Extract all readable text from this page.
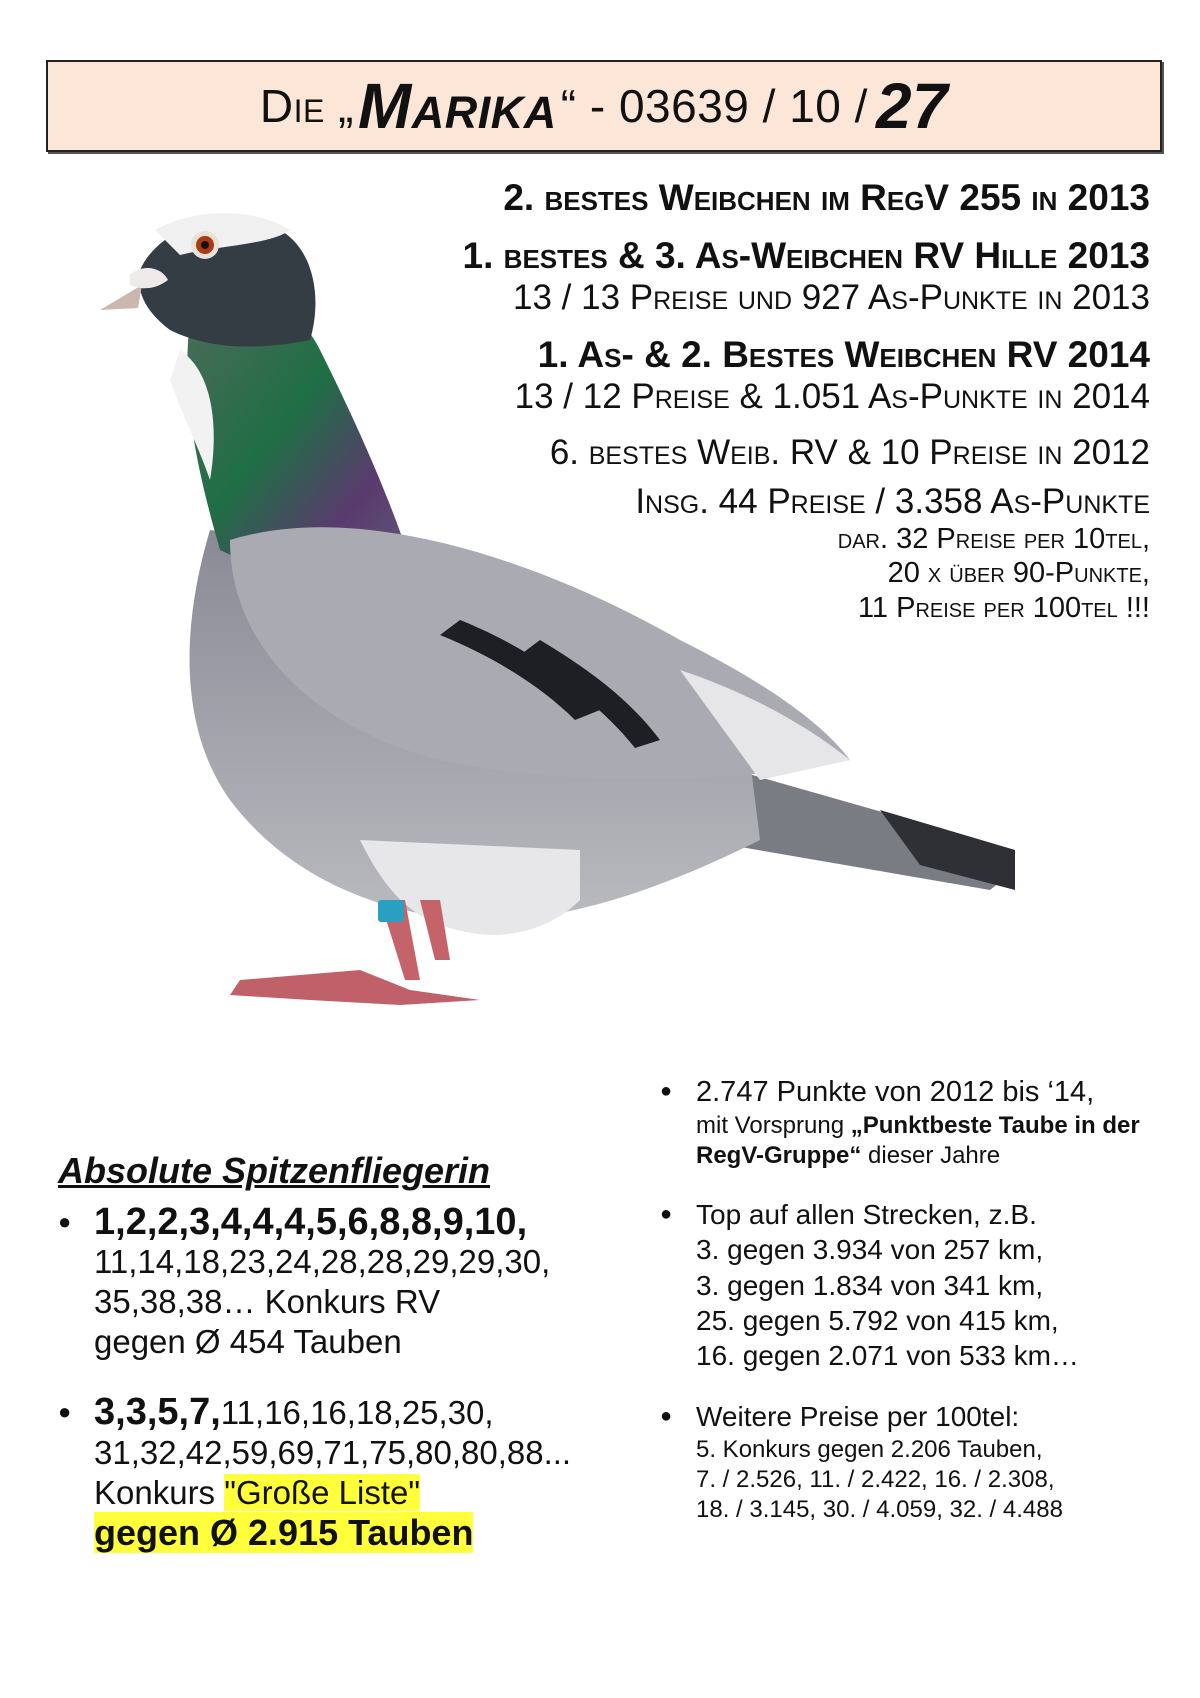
Die „ Marika “ - 03639 / 10 / 27
2. bestes Weibchen im RegV 255 in 2013
1. bestes & 3. As-Weibchen RV Hille 2013
13 / 13 Preise und 927 As-Punkte in 2013
1. As- & 2. Bestes Weibchen RV 2014
13 / 12 Preise & 1.051 As-Punkte in 2014
6. bestes Weib. RV & 10 Preise in 2012
Insg. 44 Preise / 3.358 As-Punkte
dar. 32 Preise per 10tel,
20 x über 90-Punkte,
11 Preise per 100tel !!!
Absolute Spitzenfliegerin
● 1,2,2,3,4,4,4,5,6,8,8,9,10,
11,14,18,23,24,28,28,29,29,30,
35,38,38… Konkurs RV
gegen Ø 454 Tauben
● 3,3,5,7,11,16,16,18,25,30,
31,32,42,59,69,71,75,80,80,88...
Konkurs "Große Liste"
gegen Ø 2.915 Tauben
● 2.747 Punkte von 2012 bis ‘14,
mit Vorsprung „Punktbeste Taube in der RegV-Gruppe“ dieser Jahre
● Top auf allen Strecken, z.B.
3. gegen 3.934 von 257 km,
3. gegen 1.834 von 341 km,
25. gegen 5.792 von 415 km,
16. gegen 2.071 von 533 km…
● Weitere Preise per 100tel:
5. Konkurs gegen 2.206 Tauben,
7. / 2.526, 11. / 2.422, 16. / 2.308,
18. / 3.145, 30. / 4.059, 32. / 4.488
